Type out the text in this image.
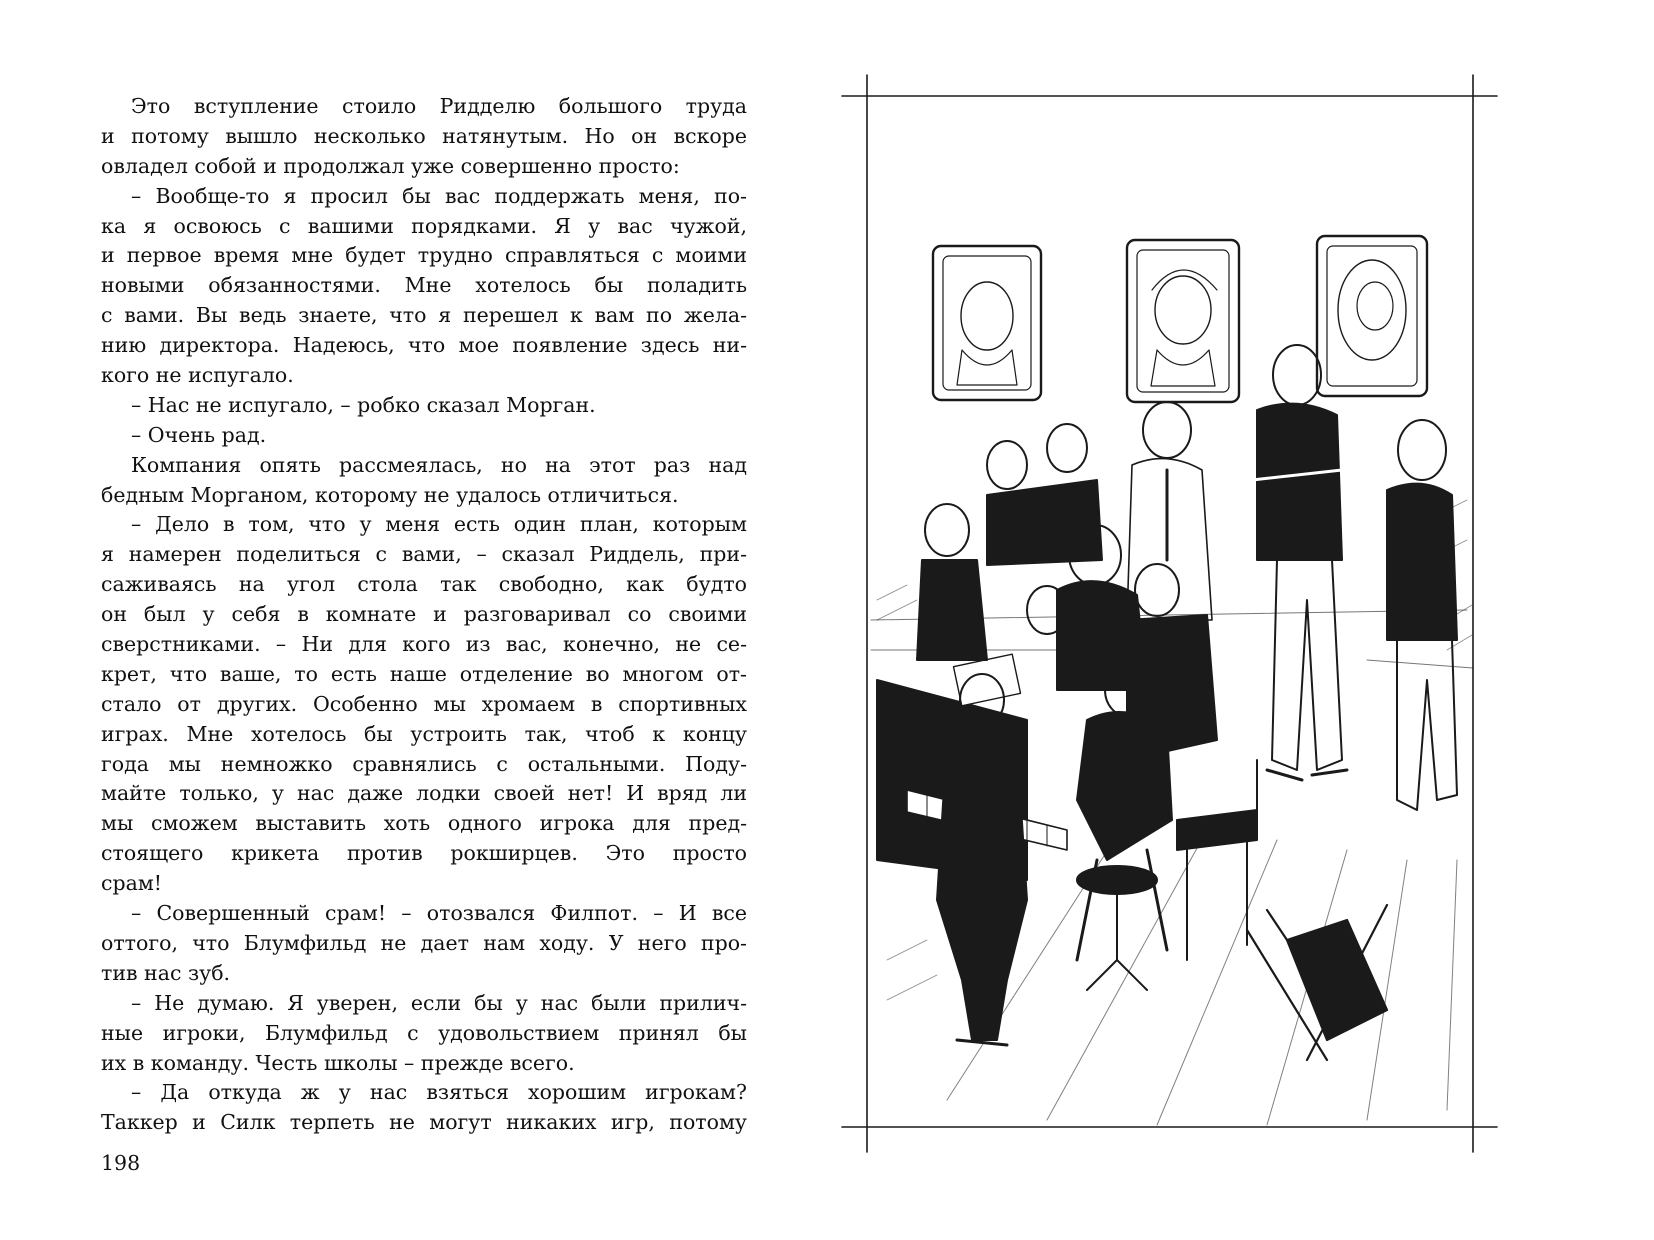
Это вступление стоило Ридделю большого труда
и потому вышло несколько натянутым. Но он вскоре
овладел собой и продолжал уже совершенно просто:
– Вообще-то я просил бы вас поддержать меня, по-
ка я освоюсь с вашими порядками. Я у вас чужой,
и первое время мне будет трудно справляться с моими
новыми обязанностями. Мне хотелось бы поладить
с вами. Вы ведь знаете, что я перешел к вам по жела-
нию директора. Надеюсь, что мое появление здесь ни-
кого не испугало.
– Нас не испугало, – робко сказал Морган.
– Очень рад.
Компания опять рассмеялась, но на этот раз над
бедным Морганом, которому не удалось отличиться.
– Дело в том, что у меня есть один план, которым
я намерен поделиться с вами, – сказал Риддель, при-
саживаясь на угол стола так свободно, как будто
он был у себя в комнате и разговаривал со своими
сверстниками. – Ни для кого из вас, конечно, не се-
крет, что ваше, то есть наше отделение во многом от-
стало от других. Особенно мы хромаем в спортивных
играх. Мне хотелось бы устроить так, чтоб к концу
года мы немножко сравнялись с остальными. Поду-
майте только, у нас даже лодки своей нет! И вряд ли
мы сможем выставить хоть одного игрока для пред-
стоящего крикета против рокширцев. Это просто
срам!
– Совершенный срам! – отозвался Филпот. – И все
оттого, что Блумфильд не дает нам ходу. У него про-
тив нас зуб.
– Не думаю. Я уверен, если бы у нас были прилич-
ные игроки, Блумфильд с удовольствием принял бы
их в команду. Честь школы – прежде всего.
– Да откуда ж у нас взяться хорошим игрокам?
Таккер и Силк терпеть не могут никаких игр, потому
198
